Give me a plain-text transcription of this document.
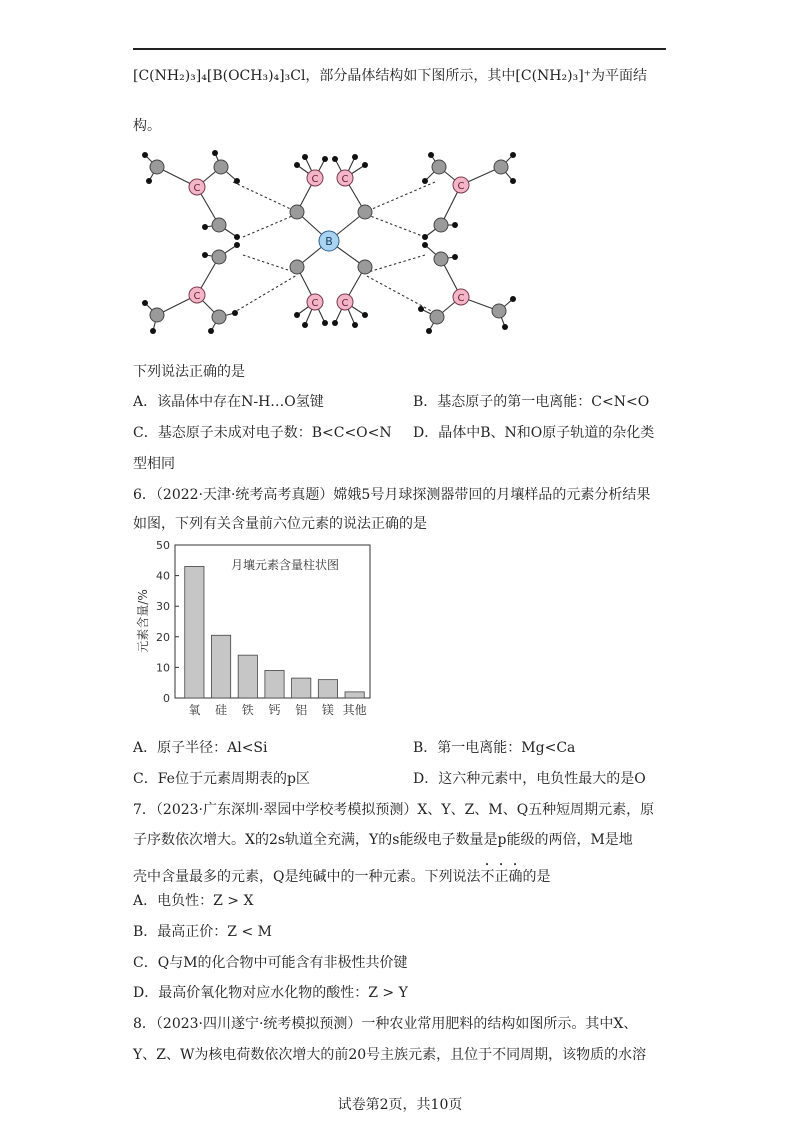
[C(NH₂)₃]₄[B(OCH₃)₄]₃Cl，部分晶体结构如下图所示，其中[C(NH₂)₃]⁺为平面结
构。
C
C
C C
C C
C
C
B
下列说法正确的是
A．该晶体中存在N-H…O氢键	B．基态原子的第一电离能：C<N<O
C．基态原子未成对电子数：B<C<O<N D．晶体中B、N和O原子轨道的杂化类
型相同
6．（2022·天津·统考高考真题）嫦娥5号月球探测器带回的月壤样品的元素分析结果
如图，下列有关含量前六位元素的说法正确的是
月壤元素含量柱状图
元素含量/%
0
10
20
30
40
50
氧 硅 铁 钙 铝 镁 其他
A．原子半径：Al<Si	B．第一电离能：Mg<Ca
C．Fe位于元素周期表的p区	D．这六种元素中，电负性最大的是O
7．（2023·广东深圳·翠园中学校考模拟预测）X、Y、Z、M、Q五种短周期元素，原
子序数依次增大。X的2s轨道全充满，Y的s能级电子数量是p能级的两倍，M是地
壳中含量最多的元素，Q是纯碱中的一种元素。下列说法不正确的是
A．电负性：Z > X
B．最高正价：Z < M
C．Q与M的化合物中可能含有非极性共价键
D．最高价氧化物对应水化物的酸性：Z > Y
8．（2023·四川遂宁·统考模拟预测）一种农业常用肥料的结构如图所示。其中X、
Y、Z、W为核电荷数依次增大的前20号主族元素，且位于不同周期，该物质的水溶
试卷第2页，共10页
